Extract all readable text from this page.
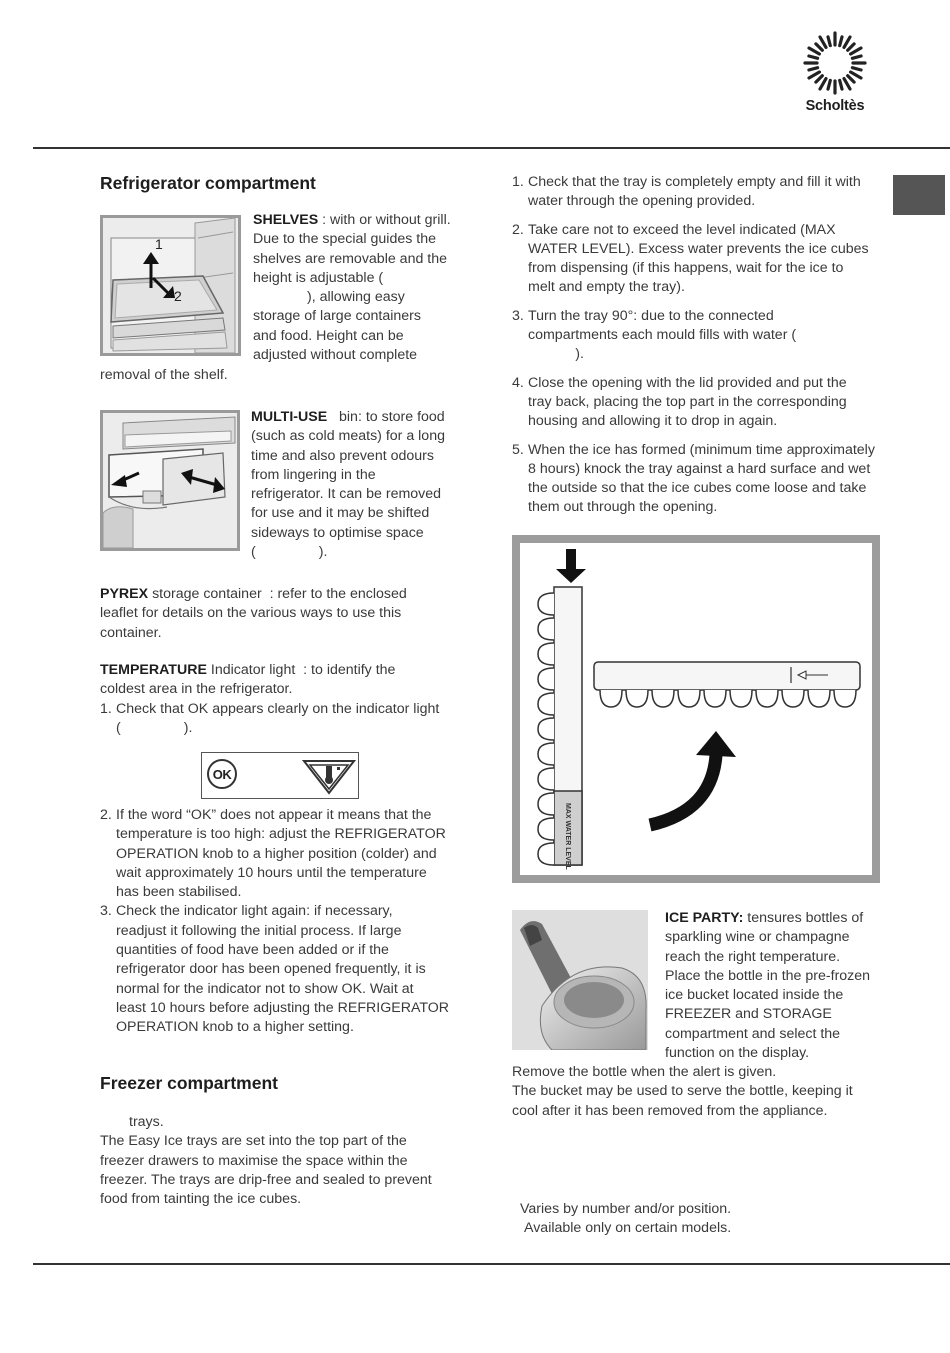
Scholtès
Refrigerator compartment
1
2
SHELVES : with or without grill.
Due to the special guides the
shelves are removable and the
height is adjustable (
), allowing easy
storage of large containers
and food. Height can be
adjusted without complete
removal of the shelf.
MULTI-USE bin: to store food
(such as cold meats) for a long
time and also prevent odours
from lingering in the
refrigerator. It can be removed
for use and it may be shifted
sideways to optimise space
(                ).
PYREX storage container  : refer to the enclosed
leaflet for details on the various ways to use this
container.
TEMPERATURE Indicator light  : to identify the
coldest area in the refrigerator.
1. Check that OK appears clearly on the indicator light
(                ).
OK
2. If the word “OK” does not appear it means that the
temperature is too high: adjust the REFRIGERATOR
OPERATION knob to a higher position (colder) and
wait approximately 10 hours until the temperature
has been stabilised.
3. Check the indicator light again: if necessary,
readjust it following the initial process. If large
quantities of food have been added or if the
refrigerator door has been opened frequently, it is
normal for the indicator not to show OK. Wait at
least 10 hours before adjusting the REFRIGERATOR
OPERATION knob to a higher setting.
Freezer compartment
trays.
The Easy Ice trays are set into the top part of the
freezer drawers to maximise the space within the
freezer. The trays are drip-free and sealed to prevent
food from tainting the ice cubes.
1. Check that the tray is completely empty and fill it with
water through the opening provided.
2. Take care not to exceed the level indicated (MAX
WATER LEVEL). Excess water prevents the ice cubes
from dispensing (if this happens, wait for the ice to
melt and empty the tray).
3. Turn the tray 90°: due to the connected
compartments each mould fills with water (
).
4. Close the opening with the lid provided and put the
tray back, placing the top part in the corresponding
housing and allowing it to drop in again.
5. When the ice has formed (minimum time approximately
8 hours) knock the tray against a hard surface and wet
the outside so that the ice cubes come loose and take
them out through the opening.
MAX WATER LEVEL
ICE PARTY: tensures bottles of
sparkling wine or champagne
reach the right temperature.
Place the bottle in the pre-frozen
ice bucket located inside the
FREEZER and STORAGE
compartment and select the
function on the display.
Remove the bottle when the alert is given.
The bucket may be used to serve the bottle, keeping it
cool after it has been removed from the appliance.
Varies by number and/or position.
Available only on certain models.
